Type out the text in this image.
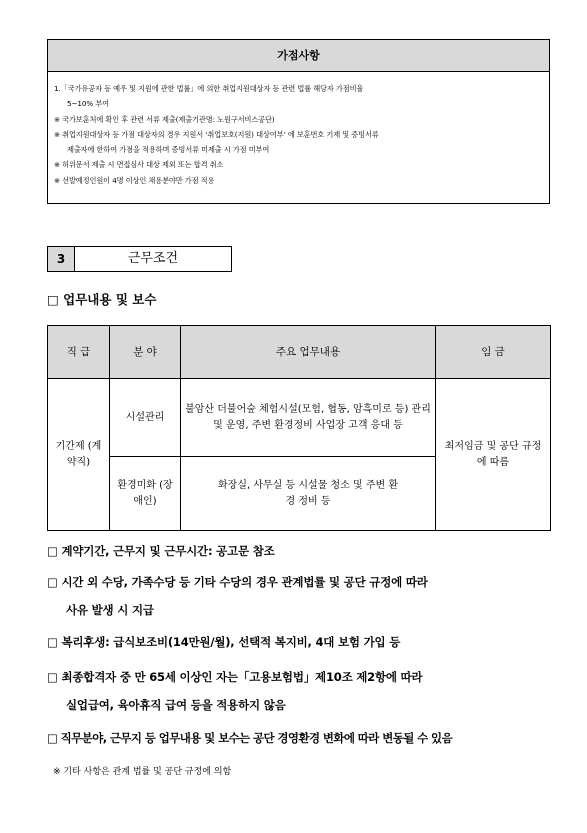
가점사항
1.「국가유공자 등 예우 및 지원에 관한 법률」에 의한 취업지원대상자 등 관련 법률 해당자 가점비율
5~10% 부여
※ 국가보훈처에 확인 후 관련 서류 제출(제출기관명: 노원구서비스공단)
※ 취업지원대상자 등 가점 대상자의 경우 지원서 ‘취업보호(지원) 대상여부’ 에 보훈번호 기재 및 증빙서류
제출자에 한하여 가점을 적용하며 증빙서류 미제출 시 가점 미부여
※ 허위문서 제출 시 면접심사 대상 제외 또는 합격 취소
※ 선발예정인원이 4명 이상인 채용분야만 가점 적용
3	근무조건
□ 업무내용 및 보수
직 급	분 야	주요 업무내용	임 금
기간제 (계약직)	시설관리	불암산 더불어숲 체험시설(모험, 협동, 암흑미로 등) 관리 및 운영, 주변 환경정비 사업장 고객 응대 등	최저임금 및 공단 규정에 따름
	환경미화 (장애인)	화장실, 사무실 등 시설물 청소 및 주변 환경 정비 등	
□ 계약기간, 근무지 및 근무시간: 공고문 참조
□ 시간 외 수당, 가족수당 등 기타 수당의 경우 관계법률 및 공단 규정에 따라
사유 발생 시 지급
□ 복리후생: 급식보조비(14만원/월), 선택적 복지비, 4대 보험 가입 등
□ 최종합격자 중 만 65세 이상인 자는「고용보험법」제10조 제2항에 따라
실업급여, 육아휴직 급여 등을 적용하지 않음
□ 직무분야, 근무지 등 업무내용 및 보수는 공단 경영환경 변화에 따라 변동될 수 있음
※ 기타 사항은 관계 법률 및 공단 규정에 의함
